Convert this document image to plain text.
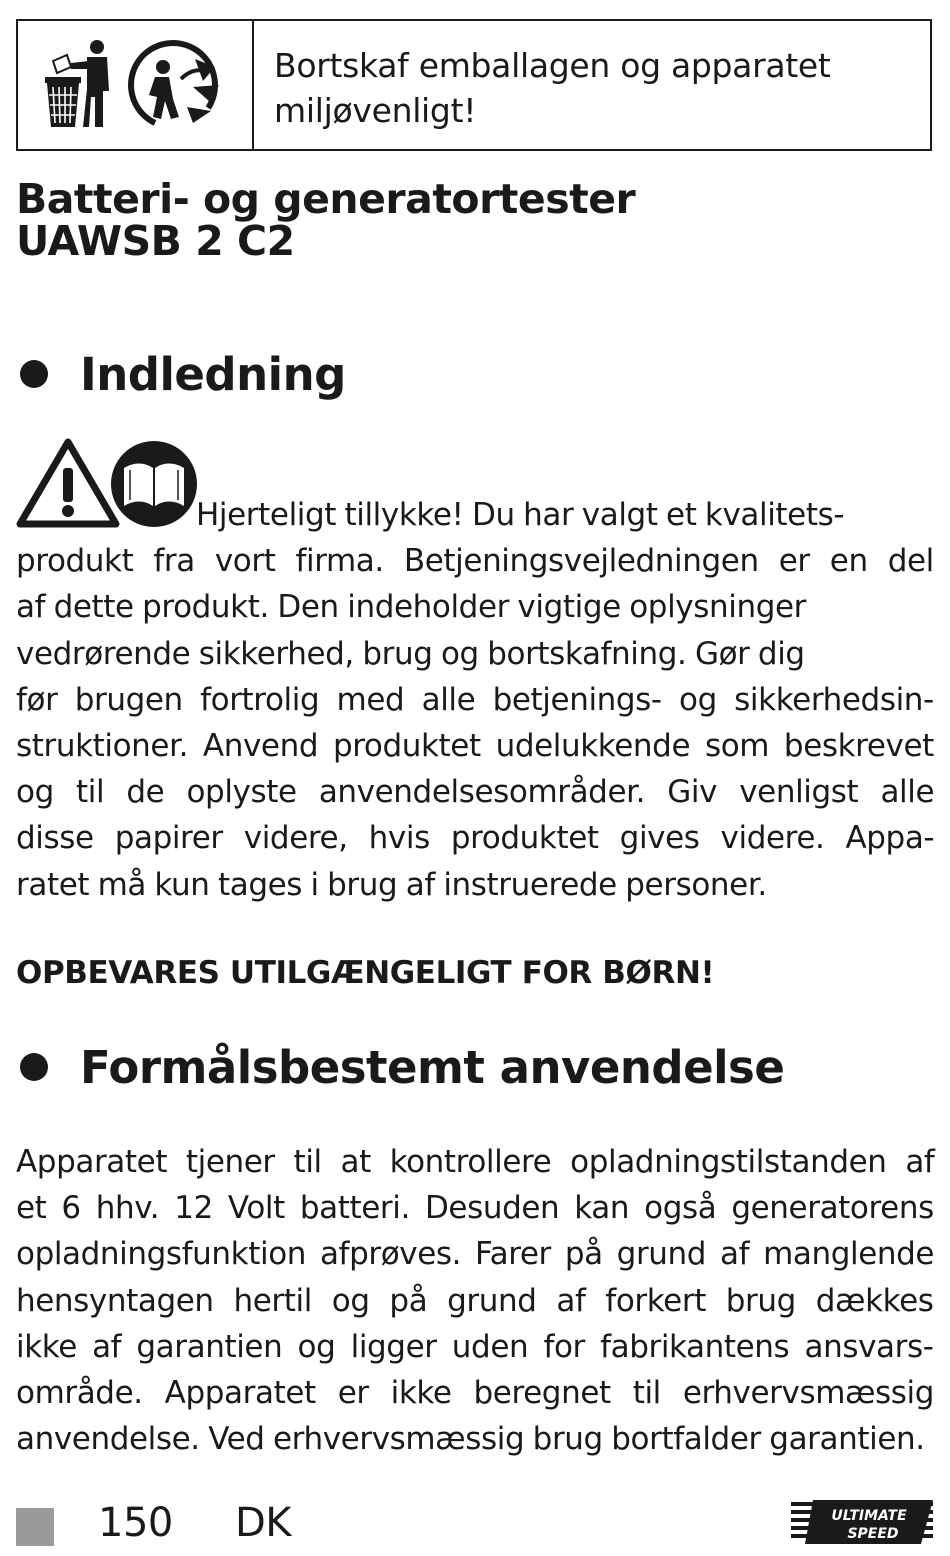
Bortskaf emballagen og apparatet
miljøvenligt!
Batteri- og generatortester
UAWSB 2 C2
Indledning
Hjerteligt tillykke! Du har valgt et kvalitets-
produkt fra vort firma. Betjeningsvejledningen er en del
af dette produkt. Den indeholder vigtige oplysninger
vedrørende sikkerhed, brug og bortskafning. Gør dig
før brugen fortrolig med alle betjenings- og sikkerhedsin-
struktioner. Anvend produktet udelukkende som beskrevet
og til de oplyste anvendelsesområder. Giv venligst alle
disse papirer videre, hvis produktet gives videre. Appa-
ratet må kun tages i brug af instruerede personer.
OPBEVARES UTILGÆNGELIGT FOR BØRN!
Formålsbestemt anvendelse
Apparatet tjener til at kontrollere opladningstilstanden af
et 6 hhv. 12 Volt batteri. Desuden kan også generatorens
opladningsfunktion afprøves. Farer på grund af manglende
hensyntagen hertil og på grund af forkert brug dækkes
ikke af garantien og ligger uden for fabrikantens ansvars-
område. Apparatet er ikke beregnet til erhvervsmæssig
anvendelse. Ved erhvervsmæssig brug bortfalder garantien.
150 DK	ULTIMATE
SPEED
